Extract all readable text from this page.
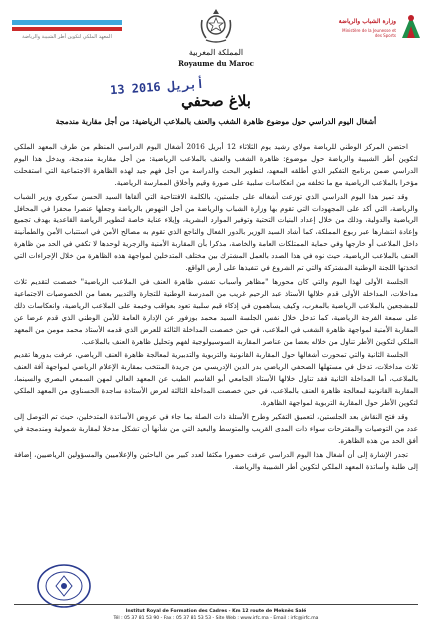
المعهد الملكي لتكوين أطر الشبيبة والرياضة
المملكة المغربية
Royaume du Maroc
وزارة الشباب والرياضة
Ministère de la Jeunesse et des Sports
13 أبريل 2016
بلاغ صحفي
أشغال اليوم الدراسي حول موضوع ظاهرة الشغب والعنف بالملاعب الرياضية: من أجل مقاربة مندمجة

احتضن المركز الوطني للرياضة مولاي رشيد يوم الثلاثاء 12 أبريل 2016 أشغال اليوم الدراسي المنظم من طرف المعهد الملكي لتكوين أطر الشبيبة والرياضة حول موضوع: ظاهرة الشغب والعنف بالملاعب الرياضية: من أجل مقاربة مندمجة، ويدخل هذا اليوم الدراسي ضمن برنامج التفكير الذي أطلقه المعهد، لتطوير البحث والدراسة من أجل فهم جيد لهذه الظاهرة الاجتماعية التي استفحلت مؤخرا بالملاعب الرياضية مع ما تخلفه من انعكاسات سلبية على صورة وقيم وأخلاق الممارسة الرياضية.

وقد تميز هذا اليوم الدراسي الذي توزعت أشغاله على جلستين، بالكلمة الافتتاحية التي ألقاها السيد الحسن سكوري وزير الشباب والرياضة، التي أكد على المجهودات التي تقوم بها وزارة الشباب والرياضة من أجل النهوض بالرياضة وجعلها عنصرا محفزا في المحافل الرياضية والدولية، وذلك من خلال إعداد البنيات التحتية وتوفير الموارد البشرية، وإيلاء عناية خاصة لتطوير الرياضة القاعدية بهدف تجميع وإعادة انتشارها عبر ربوع المملكة، كما أشاد السيد الوزير بالدور الفعال والناجع الذي تقوم به مصالح الأمن في استتباب الأمن والطمأنينة داخل الملاعب أو خارجها وفي حماية الممتلكات العامة والخاصة، مذكرا بأن المقاربة الأمنية والزجرية لوحدها لا تكفي في الحد من ظاهرة العنف بالملاعب الرياضية، حيث نوه في هذا الصدد بالعمل المشترك بين مختلف المتدخلين لمواجهة هذه الظاهرة من خلال الإجراءات التي اتخذتها اللجنة الوطنية المشتركة والتي تم الشروع في تنفيذها على أرض الواقع.

الجلسة الأولى لهذا اليوم والتي كان محورها "مظاهر وأسباب تفشي ظاهرة العنف في الملاعب الرياضية" خصصت لتقديم ثلاث مداخلات، المداخلة الأولى قدم خلالها الأستاذ عبد الرحيم غريب من المدرسة الوطنية للتجارة والتدبير بعضا من الخصوصيات الاجتماعية للمشجعين بالملاعب الرياضية بالمغرب، وكيف يساهمون في إذكاء قيم سلبية تعود بعواقب وخيمة على الملاعب الرياضية، وانعكاسات ذلك على سمعة الفرجة الرياضية، كما تدخل خلال نفس الجلسة السيد محمد بوزفور عن الإدارة العامة للأمن الوطني الذي قدم عرضا عن المقاربة الأمنية لمواجهة ظاهرة الشغب في الملاعب، في حين خصصت المداخلة الثالثة للعرض الذي قدمه الأستاذ محمد مومن من المعهد الملكي لتكوين الأطر تناول من خلاله بعضا من عناصر المقاربة السوسيولوجية لفهم وتحليل ظاهرة العنف بالملاعب.

الجلسة الثانية والتي تمحورت أشغالها حول المقاربة القانونية والتربوية والتدبيرية لمعالجة ظاهرة العنف الرياضي، عرفت بدورها تقديم ثلاث مداخلات، تدخل في مستهلها الصحفي الرياضي بدر الدين الإدريسي من جريدة المنتخب بمقاربة الإعلام الرياضي لمواجهة آفة العنف بالملاعب، أما المداخلة الثانية فقد تناول خلالها الأستاذ الجامعي أبو القاسم الطيب عن المعهد العالي لمهن السمعي البصري والسينما، المقاربة القانونية لمعالجة ظاهرة العنف بالملاعب، في حين خصصت المداخلة الثالثة لعرض الأستاذة ساجدة الحسناوي من المعهد الملكي لتكوين الأطر حول المقاربة التربوية لمواجهة الظاهرة.

وقد فتح النقاش بعد الجلستين، لتعميق التفكير وطرح الأسئلة ذات الصلة بما جاء في عروض الأساتذة المتدخلين، حيث تم التوصل إلى عدد من التوصيات والمقترحات سواء ذات المدى القريب والمتوسط والبعيد التي من شأنها أن تشكل مدخلا لمقاربة شمولية ومندمجة في أفق الحد من هذه الظاهرة.

تجدر الإشارة إلى أن أشغال هذا اليوم الدراسي عرفت حضورا مكثفا لعدد كبير من الباحثين والإعلاميين والمسؤولين الرياضيين، إضافة إلى طلبة وأساتذة المعهد الملكي لتكوين أطر الشبيبة والرياضة.

Institut Royal de Formation des Cadres - Km 12 route de Meknès Salé
Tél : 05 37 81 53 90 - Fax : 05 37 81 53 53 - Site Web : www.irfc.ma - Email : irfc@irfc.ma
